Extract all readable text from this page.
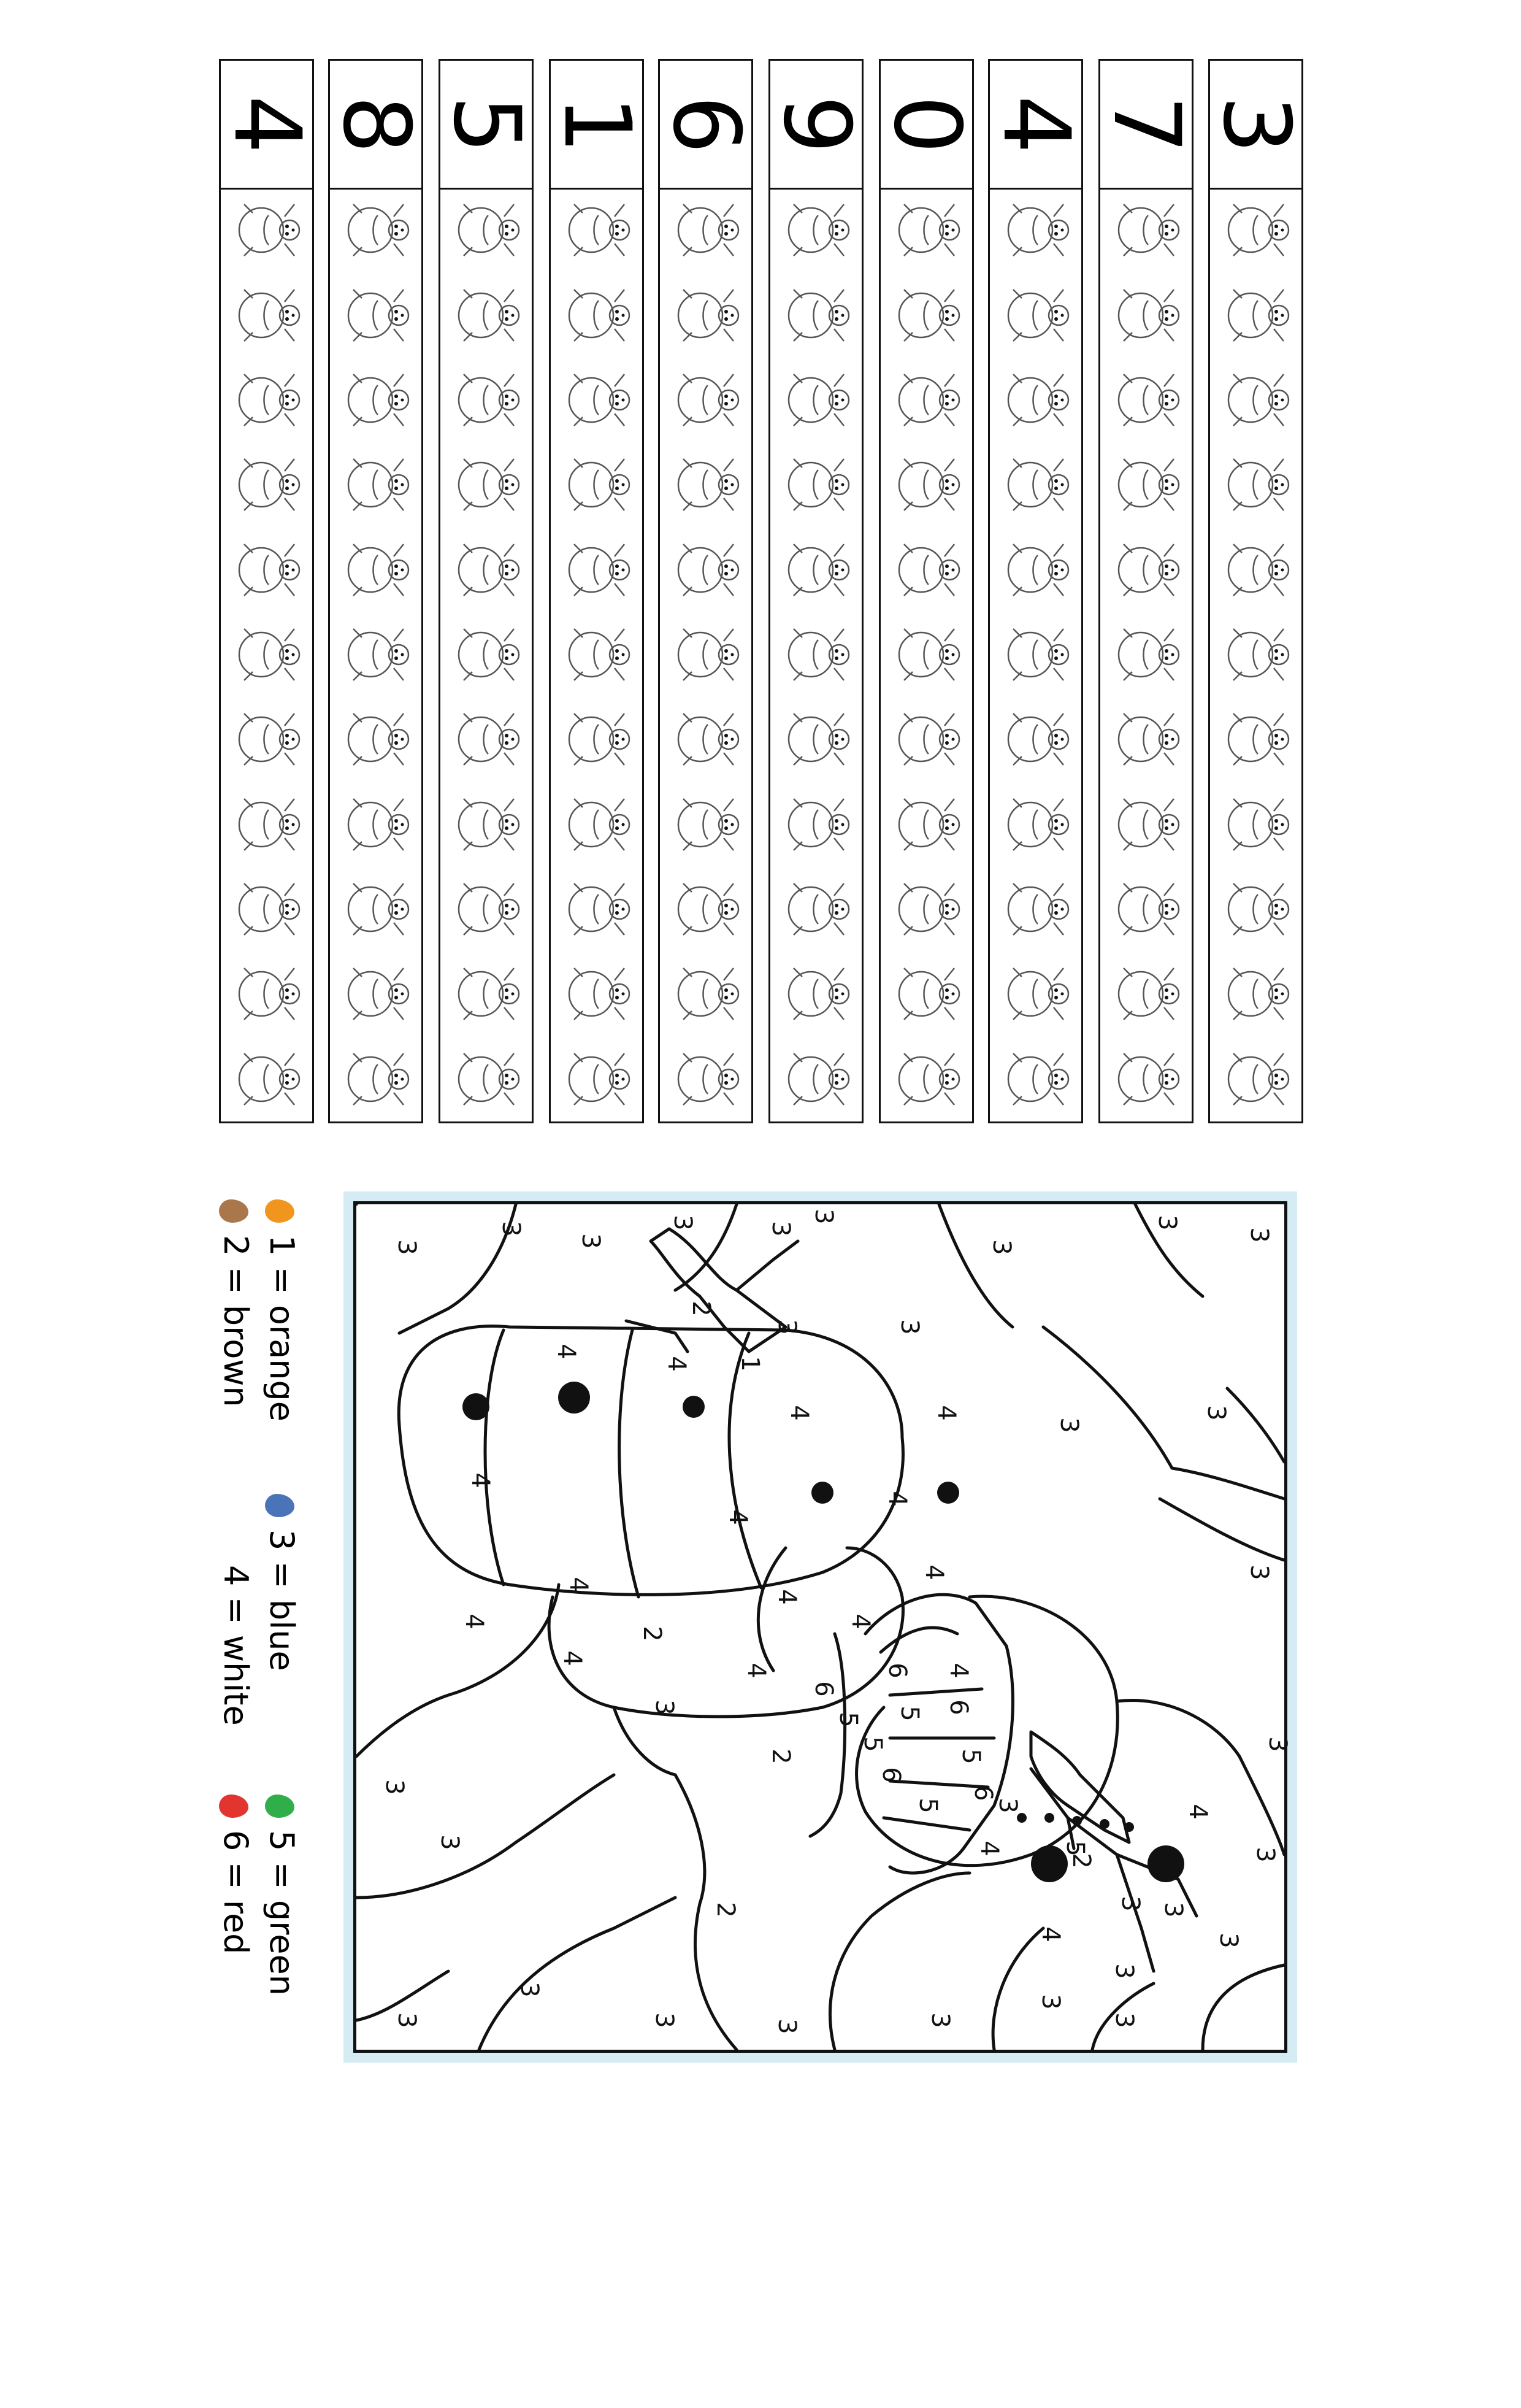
4 8 5 1 6 9 0 4 7 3
1 = orange
2 = brown
3 = blue
4 = white
5 = green
6 = red
3
3
3
3	3
3
3
3
3
3
3
3
3
3
3
3
3
3
3
3
3
3
3
3
3
3	3
3
3 3
3
4
4
4
4
4	4
4
4
4
4
4
4
4
4
4
4
4
4
2
2
2
2
2
1
5
6
5 6
5
6
5
6
5
5
6
